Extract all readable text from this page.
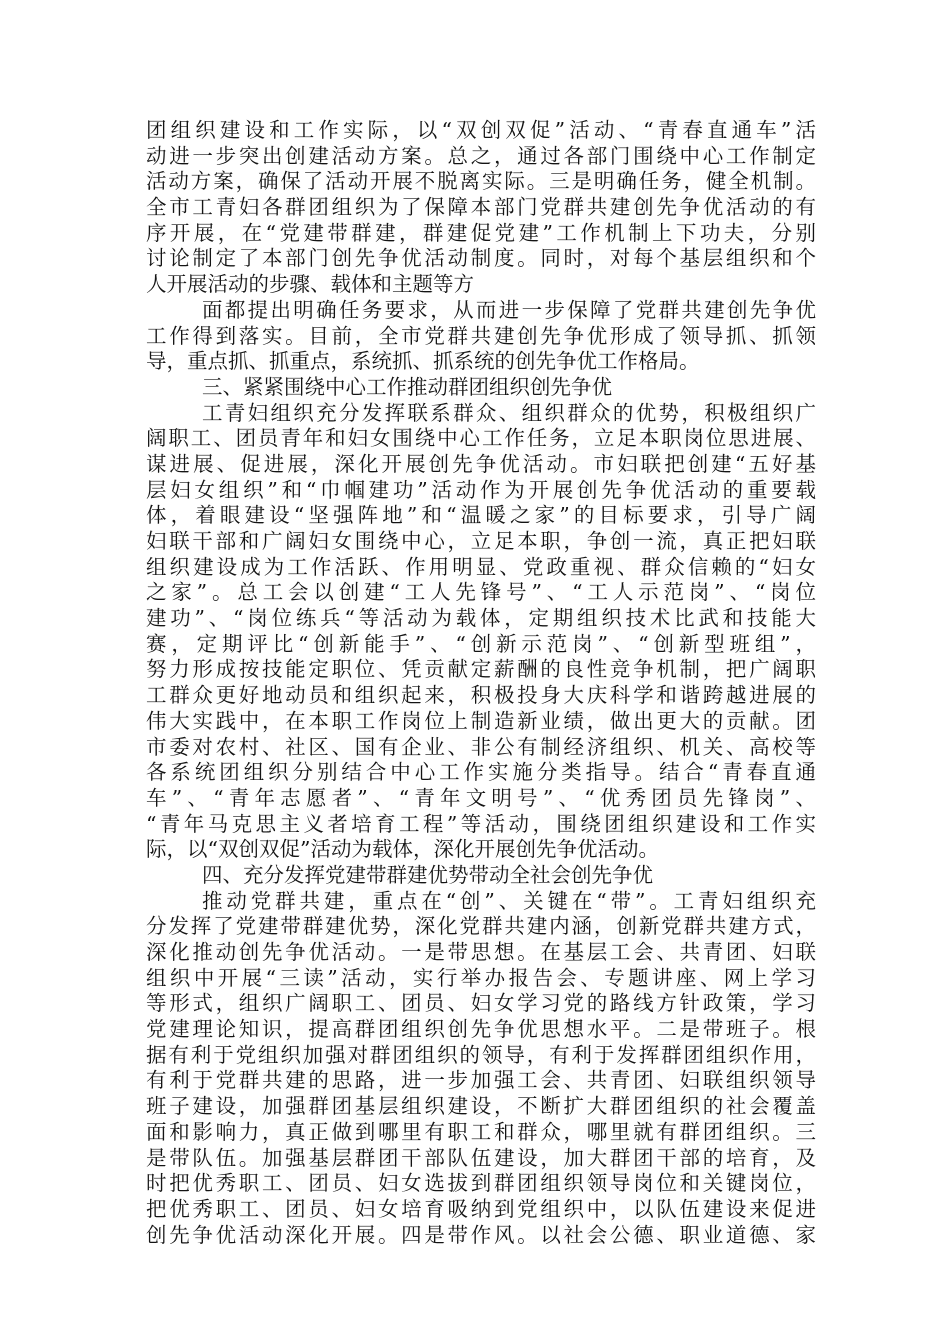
团组织建设和工作实际，以“双创双促”活动、“青春直通车”活
动进一步突出创建活动方案。总之，通过各部门围绕中心工作制定
活动方案，确保了活动开展不脱离实际。三是明确任务，健全机制。
全市工青妇各群团组织为了保障本部门党群共建创先争优活动的有
序开展，在“党建带群建，群建促党建”工作机制上下功夫，分别
讨论制定了本部门创先争优活动制度。同时，对每个基层组织和个
人开展活动的步骤、载体和主题等方
面都提出明确任务要求，从而进一步保障了党群共建创先争优
工作得到落实。目前，全市党群共建创先争优形成了领导抓、抓领
导，重点抓、抓重点，系统抓、抓系统的创先争优工作格局。
三、紧紧围绕中心工作推动群团组织创先争优
工青妇组织充分发挥联系群众、组织群众的优势，积极组织广
阔职工、团员青年和妇女围绕中心工作任务，立足本职岗位思进展、
谋进展、促进展，深化开展创先争优活动。市妇联把创建“五好基
层妇女组织”和“巾帼建功”活动作为开展创先争优活动的重要载
体，着眼建设“坚强阵地”和“温暖之家”的目标要求，引导广阔
妇联干部和广阔妇女围绕中心，立足本职，争创一流，真正把妇联
组织建设成为工作活跃、作用明显、党政重视、群众信赖的“妇女
之家”。总工会以创建“工人先锋号”、“工人示范岗”、“岗位
建功”、“岗位练兵“等活动为载体，定期组织技术比武和技能大
赛，定期评比“创新能手”、“创新示范岗”、“创新型班组”，
努力形成按技能定职位、凭贡献定薪酬的良性竞争机制，把广阔职
工群众更好地动员和组织起来，积极投身大庆科学和谐跨越进展的
伟大实践中，在本职工作岗位上制造新业绩，做出更大的贡献。团
市委对农村、社区、国有企业、非公有制经济组织、机关、高校等
各系统团组织分别结合中心工作实施分类指导。结合“青春直通
车”、“青年志愿者”、“青年文明号”、“优秀团员先锋岗”、
“青年马克思主义者培育工程”等活动，围绕团组织建设和工作实
际，以“双创双促”活动为载体，深化开展创先争优活动。
四、充分发挥党建带群建优势带动全社会创先争优
推动党群共建，重点在“创”、关键在“带”。工青妇组织充
分发挥了党建带群建优势，深化党群共建内涵，创新党群共建方式，
深化推动创先争优活动。一是带思想。在基层工会、共青团、妇联
组织中开展“三读”活动，实行举办报告会、专题讲座、网上学习
等形式，组织广阔职工、团员、妇女学习党的路线方针政策，学习
党建理论知识，提高群团组织创先争优思想水平。二是带班子。根
据有利于党组织加强对群团组织的领导，有利于发挥群团组织作用，
有利于党群共建的思路，进一步加强工会、共青团、妇联组织领导
班子建设，加强群团基层组织建设，不断扩大群团组织的社会覆盖
面和影响力，真正做到哪里有职工和群众，哪里就有群团组织。三
是带队伍。加强基层群团干部队伍建设，加大群团干部的培育，及
时把优秀职工、团员、妇女选拔到群团组织领导岗位和关键岗位，
把优秀职工、团员、妇女培育吸纳到党组织中，以队伍建设来促进
创先争优活动深化开展。四是带作风。以社会公德、职业道德、家
